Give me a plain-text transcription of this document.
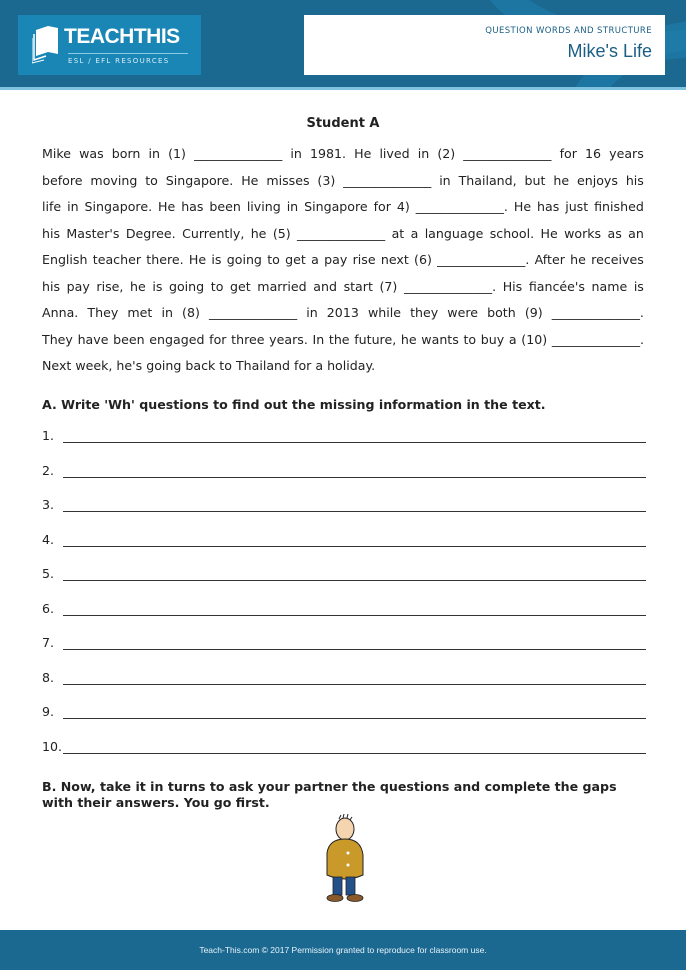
TEACHTHIS
ESL / EFL RESOURCES
QUESTION WORDS AND STRUCTURE
Mike's Life
Student A
Mike was born in (1) ______________ in 1981. He lived in (2) ______________ for 16 years
before moving to Singapore. He misses (3) ______________ in Thailand, but he enjoys his
life in Singapore. He has been living in Singapore for 4) ______________. He has just finished
his Master's Degree. Currently, he (5) ______________ at a language school. He works as an
English teacher there. He is going to get a pay rise next (6) ______________. After he receives
his pay rise, he is going to get married and start (7) ______________. His fiancée's name is
Anna. They met in (8) ______________ in 2013 while they were both (9) ______________.
They have been engaged for three years. In the future, he wants to buy a (10) ______________.
Next week, he's going back to Thailand for a holiday.
A. Write 'Wh' questions to find out the missing information in the text.
1.
2.
3.
4.
5.
6.
7.
8.
9.
10.
B. Now, take it in turns to ask your partner the questions and complete the gaps with their answers. You go first.
Teach-This.com © 2017 Permission granted to reproduce for classroom use.
